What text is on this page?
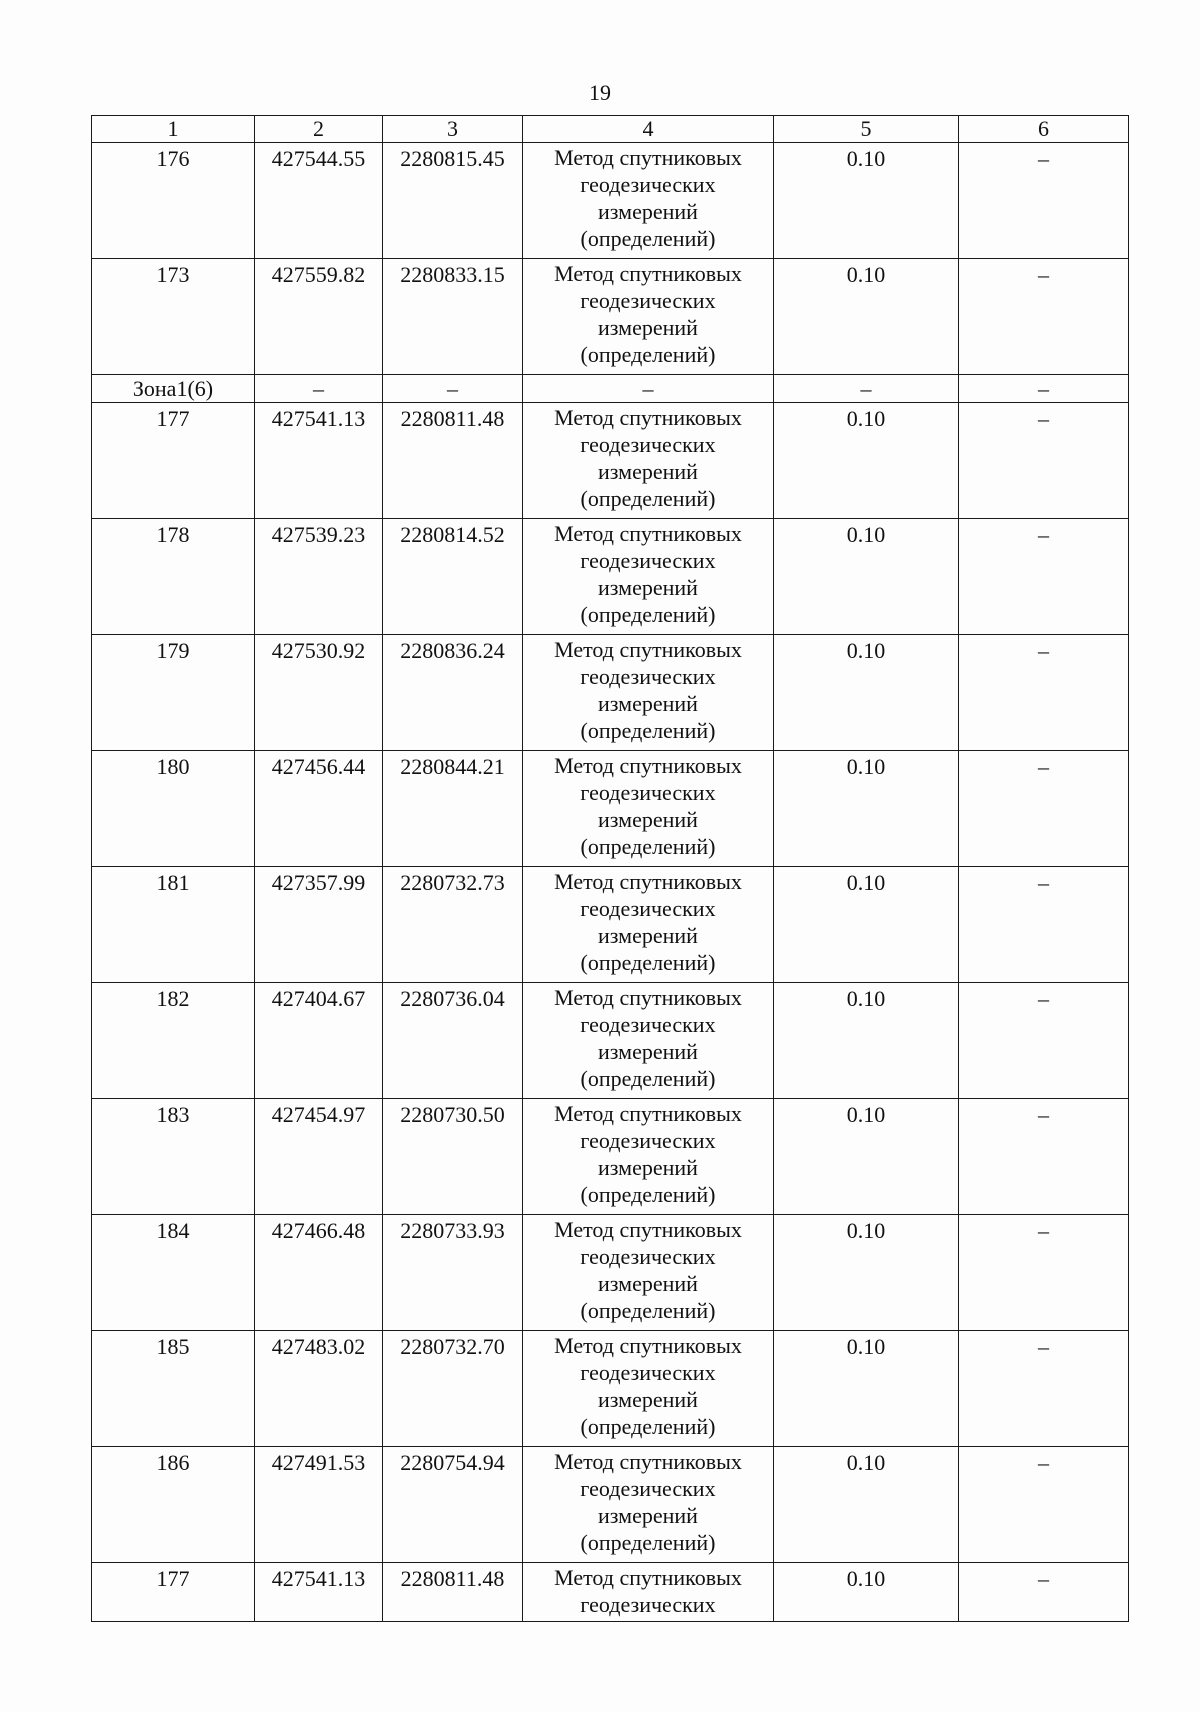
19
1	2	3	4	5	6
176	427544.55	2280815.45	Метод спутниковых
геодезических
измерений
(определений)	0.10	–
173	427559.82	2280833.15	Метод спутниковых
геодезических
измерений
(определений)	0.10	–
Зона1(6)	–	–	–	–	–
177	427541.13	2280811.48	Метод спутниковых
геодезических
измерений
(определений)	0.10	–
178	427539.23	2280814.52	Метод спутниковых
геодезических
измерений
(определений)	0.10	–
179	427530.92	2280836.24	Метод спутниковых
геодезических
измерений
(определений)	0.10	–
180	427456.44	2280844.21	Метод спутниковых
геодезических
измерений
(определений)	0.10	–
181	427357.99	2280732.73	Метод спутниковых
геодезических
измерений
(определений)	0.10	–
182	427404.67	2280736.04	Метод спутниковых
геодезических
измерений
(определений)	0.10	–
183	427454.97	2280730.50	Метод спутниковых
геодезических
измерений
(определений)	0.10	–
184	427466.48	2280733.93	Метод спутниковых
геодезических
измерений
(определений)	0.10	–
185	427483.02	2280732.70	Метод спутниковых
геодезических
измерений
(определений)	0.10	–
186	427491.53	2280754.94	Метод спутниковых
геодезических
измерений
(определений)	0.10	–
177	427541.13	2280811.48	Метод спутниковых
геодезических	0.10	–
